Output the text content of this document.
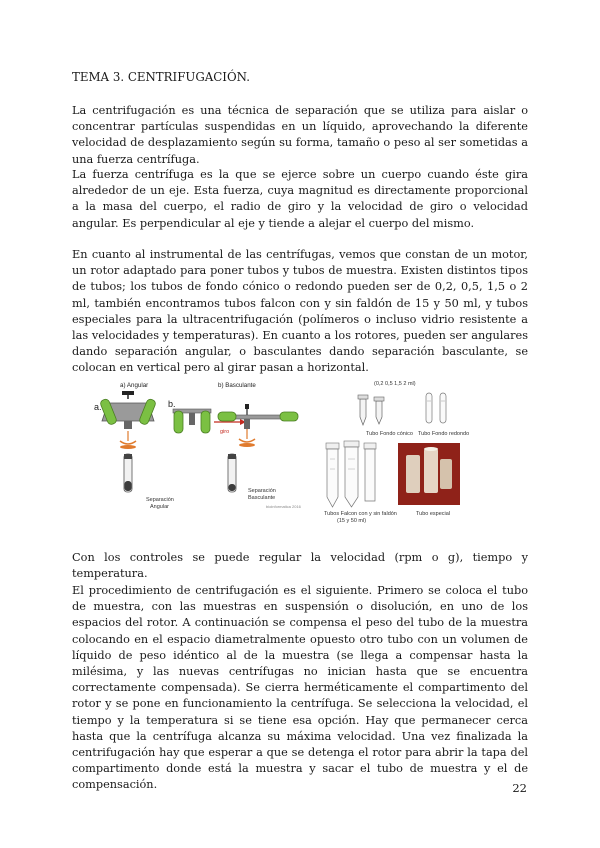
TEMA 3. CENTRIFUGACIÓN.

La centrifugación es una técnica de separación que se utiliza para aislar o concentrar partículas suspendidas en un líquido, aprovechando la diferente velocidad de desplazamiento según su forma, tamaño o peso al ser sometidas a una fuerza centrífuga.

La fuerza centrífuga es la que se ejerce sobre un cuerpo cuando éste gira alrededor de un eje. Esta fuerza, cuya magnitud es directamente proporcional a la masa del cuerpo, el radio de giro y la velocidad de giro o velocidad angular. Es perpendicular al eje y tiende a alejar el cuerpo del mismo.

En cuanto al instrumental de las centrífugas, vemos que constan de un motor, un rotor adaptado para poner tubos y tubos de muestra. Existen distintos tipos de tubos; los tubos de fondo cónico o redondo pueden ser de 0,2, 0,5, 1,5 o 2 ml, también encontramos tubos falcon con y sin faldón de 15 y 50 ml, y tubos especiales para la ultracentrifugación (polímeros o incluso vidrio resistente a las velocidades y temperaturas). En cuanto a los rotores, pueden ser angulares dando separación angular, o basculantes dando separación basculante, se colocan en vertical pero al girar pasan a horizontal.

a) Angular	b) Basculante
a.	b.
Separación
Angular
giro
Separación
Basculante
bioinformatica 2016
(0,2 0,5 1,5 2 ml)
Tubo Fondo cónico Tubo Fondo redondo
Tubos Falcon con y sin faldón
(15 y 50 ml)
Tubo especial

Con los controles se puede regular la velocidad (rpm o g), tiempo y temperatura.

El procedimiento de centrifugación es el siguiente. Primero se coloca el tubo de muestra, con las muestras en suspensión o disolución, en uno de los espacios del rotor. A continuación se compensa el peso del tubo de la muestra colocando en el espacio diametralmente opuesto otro tubo con un volumen de líquido de peso idéntico al de la muestra (se llega a compensar hasta la milésima, y las nuevas centrífugas no inician hasta que se encuentra correctamente compensada). Se cierra herméticamente el compartimento del rotor y se pone en funcionamiento la centrífuga. Se selecciona la velocidad, el tiempo y la temperatura si se tiene esa opción. Hay que permanecer cerca hasta que la centrífuga alcanza su máxima velocidad. Una vez finalizada la centrifugación hay que esperar a que se detenga el rotor para abrir la tapa del compartimento donde está la muestra y sacar el tubo de muestra y el de compensación.	22
